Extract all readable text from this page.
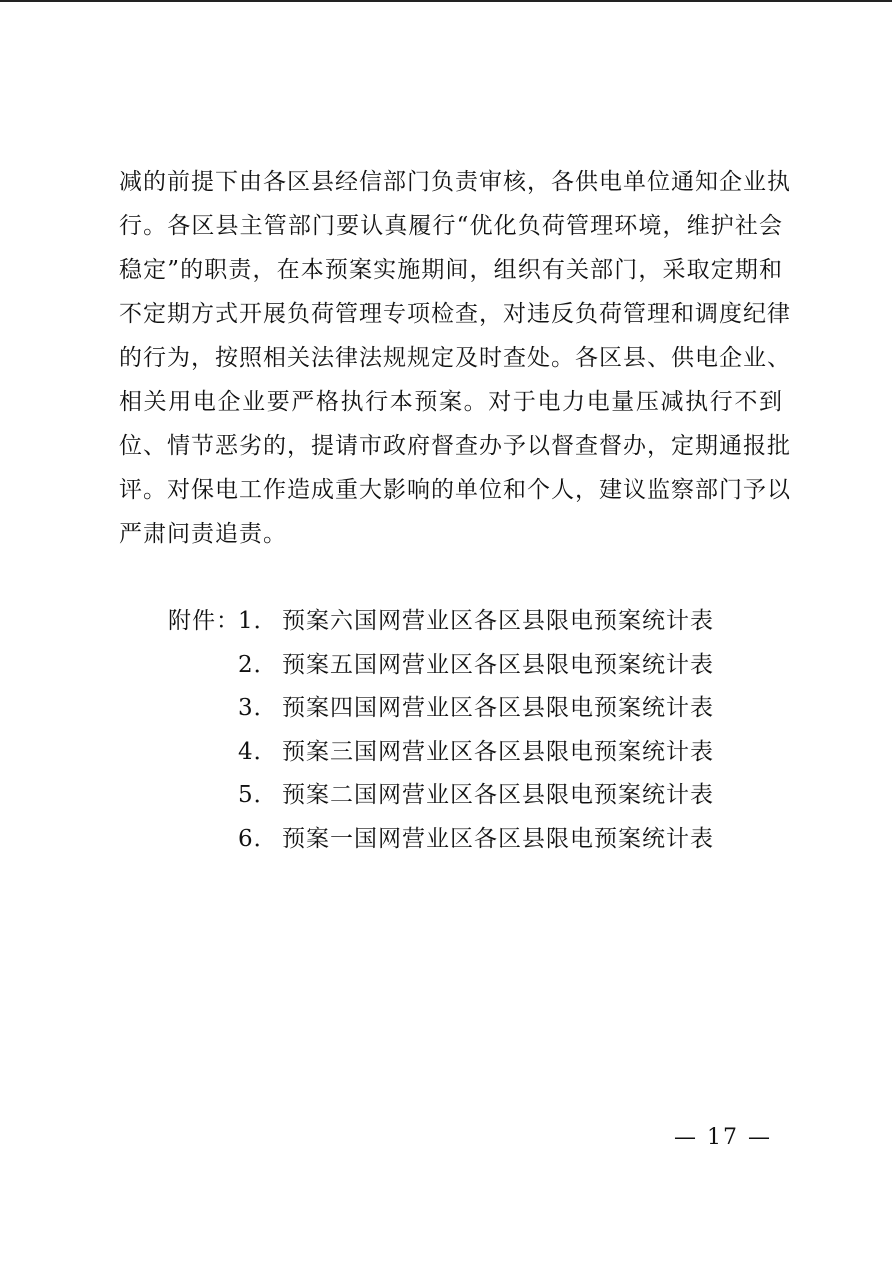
减的前提下由各区县经信部门负责审核，各供电单位通知企业执
行。各区县主管部门要认真履行“优化负荷管理环境，维护社会
稳定”的职责，在本预案实施期间，组织有关部门，采取定期和
不定期方式开展负荷管理专项检查，对违反负荷管理和调度纪律
的行为，按照相关法律法规规定及时查处。各区县、供电企业、
相关用电企业要严格执行本预案。对于电力电量压减执行不到
位、情节恶劣的，提请市政府督查办予以督查督办，定期通报批
评。对保电工作造成重大影响的单位和个人，建议监察部门予以
严肃问责追责。
附件：
1． 预案六国网营业区各区县限电预案统计表
2． 预案五国网营业区各区县限电预案统计表
3． 预案四国网营业区各区县限电预案统计表
4． 预案三国网营业区各区县限电预案统计表
5． 预案二国网营业区各区县限电预案统计表
6． 预案一国网营业区各区县限电预案统计表
— 17 —
